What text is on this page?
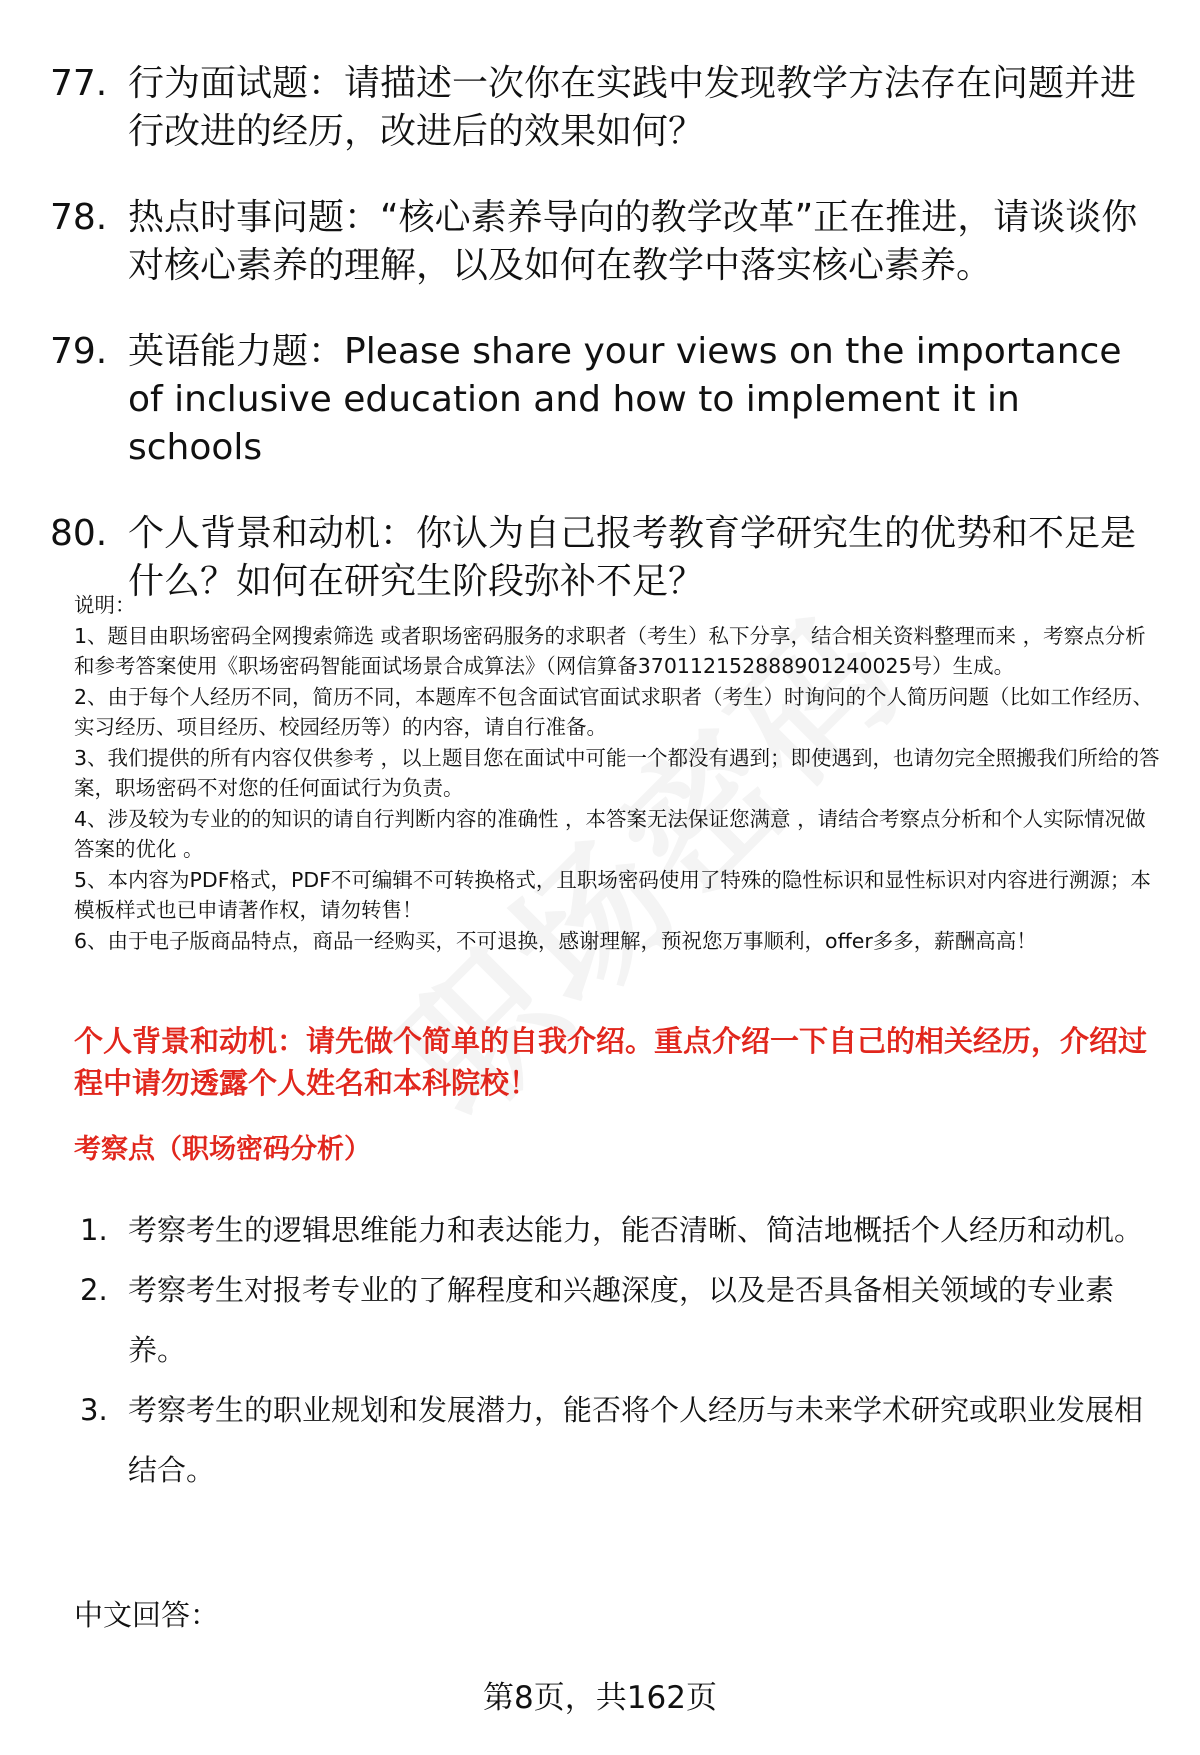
77. 行为面试题：请描述一次你在实践中发现教学方法存在问题并进行改进的经历，改进后的效果如何？
78. 热点时事问题：“核心素养导向的教学改革”正在推进，请谈谈你对核心素养的理解，以及如何在教学中落实核心素养。
79. 英语能力题：Please share your views on the importance of inclusive education and how to implement it in schools
80. 个人背景和动机：你认为自己报考教育学研究生的优势和不足是什么？如何在研究生阶段弥补不足？

说明：

1、题目由职场密码全网搜索筛选 或者职场密码服务的求职者（考生）私下分享，结合相关资料整理而来 ，考察点分析和参考答案使用《职场密码智能面试场景合成算法》（网信算备370112152888901240025号）生成。

2、由于每个人经历不同，简历不同，本题库不包含面试官面试求职者（考生）时询问的个人简历问题（比如工作经历、实习经历、项目经历、校园经历等）的内容，请自行准备。

3、我们提供的所有内容仅供参考 ，以上题目您在面试中可能一个都没有遇到；即使遇到，也请勿完全照搬我们所给的答案，职场密码不对您的任何面试行为负责。

4、涉及较为专业的的知识的请自行判断内容的准确性 ，本答案无法保证您满意 ，请结合考察点分析和个人实际情况做答案的优化 。

5、本内容为PDF格式，PDF不可编辑不可转换格式，且职场密码使用了特殊的隐性标识和显性标识对内容进行溯源；本模板样式也已申请著作权，请勿转售！

6、由于电子版商品特点，商品一经购买，不可退换，感谢理解，预祝您万事顺利，offer多多，薪酬高高！

个人背景和动机：请先做个简单的自我介绍。重点介绍一下自己的相关经历，介绍过程中请勿透露个人姓名和本科院校！
考察点（职场密码分析）
1. 考察考生的逻辑思维能力和表达能力，能否清晰、简洁地概括个人经历和动机。
2. 考察考生对报考专业的了解程度和兴趣深度，以及是否具备相关领域的专业素养。
3. 考察考生的职业规划和发展潜力，能否将个人经历与未来学术研究或职业发展相结合。
中文回答：
第8页，共162页
